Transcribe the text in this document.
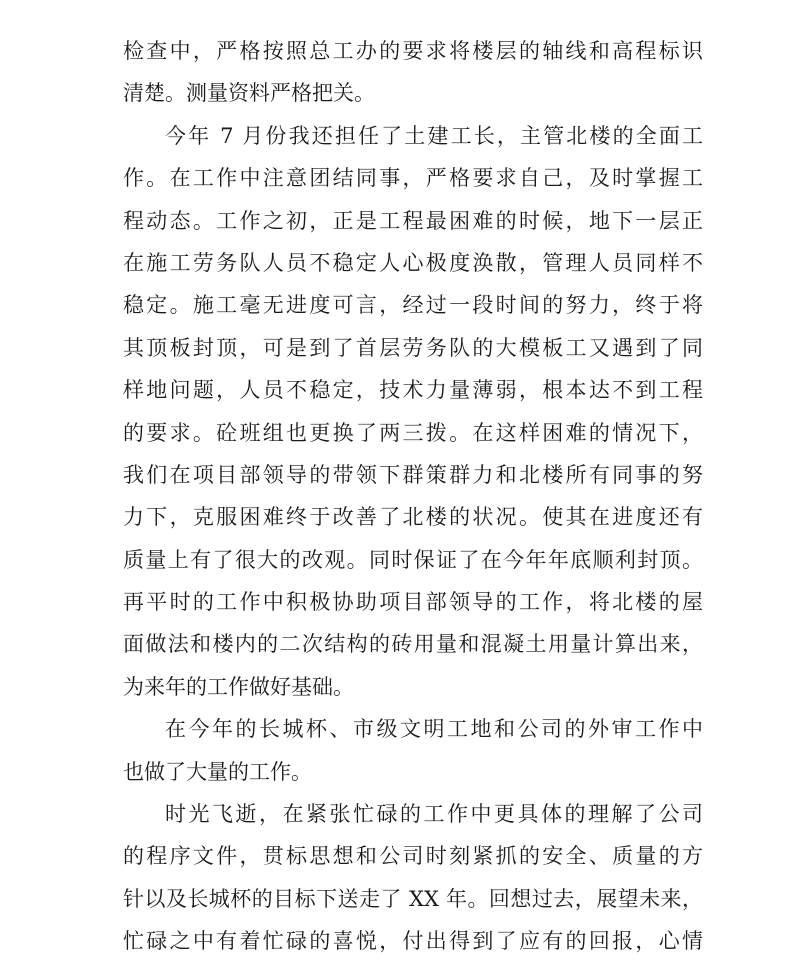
检查中，严格按照总工办的要求将楼层的轴线和高程标识
清楚。测量资料严格把关。
今年 7 月份我还担任了土建工长，主管北楼的全面工
作。在工作中注意团结同事，严格要求自己，及时掌握工
程动态。工作之初，正是工程最困难的时候，地下一层正
在施工劳务队人员不稳定人心极度涣散，管理人员同样不
稳定。施工毫无进度可言，经过一段时间的努力，终于将
其顶板封顶，可是到了首层劳务队的大模板工又遇到了同
样地问题，人员不稳定，技术力量薄弱，根本达不到工程
的要求。砼班组也更换了两三拨。在这样困难的情况下，
我们在项目部领导的带领下群策群力和北楼所有同事的努
力下，克服困难终于改善了北楼的状况。使其在进度还有
质量上有了很大的改观。同时保证了在今年年底顺利封顶。
再平时的工作中积极协助项目部领导的工作，将北楼的屋
面做法和楼内的二次结构的砖用量和混凝土用量计算出来，
为来年的工作做好基础。
在今年的长城杯、市级文明工地和公司的外审工作中
也做了大量的工作。
时光飞逝，在紧张忙碌的工作中更具体的理解了公司
的程序文件，贯标思想和公司时刻紧抓的安全、质量的方
针以及长城杯的目标下送走了 XX 年。回想过去，展望未来，
忙碌之中有着忙碌的喜悦，付出得到了应有的回报，心情
